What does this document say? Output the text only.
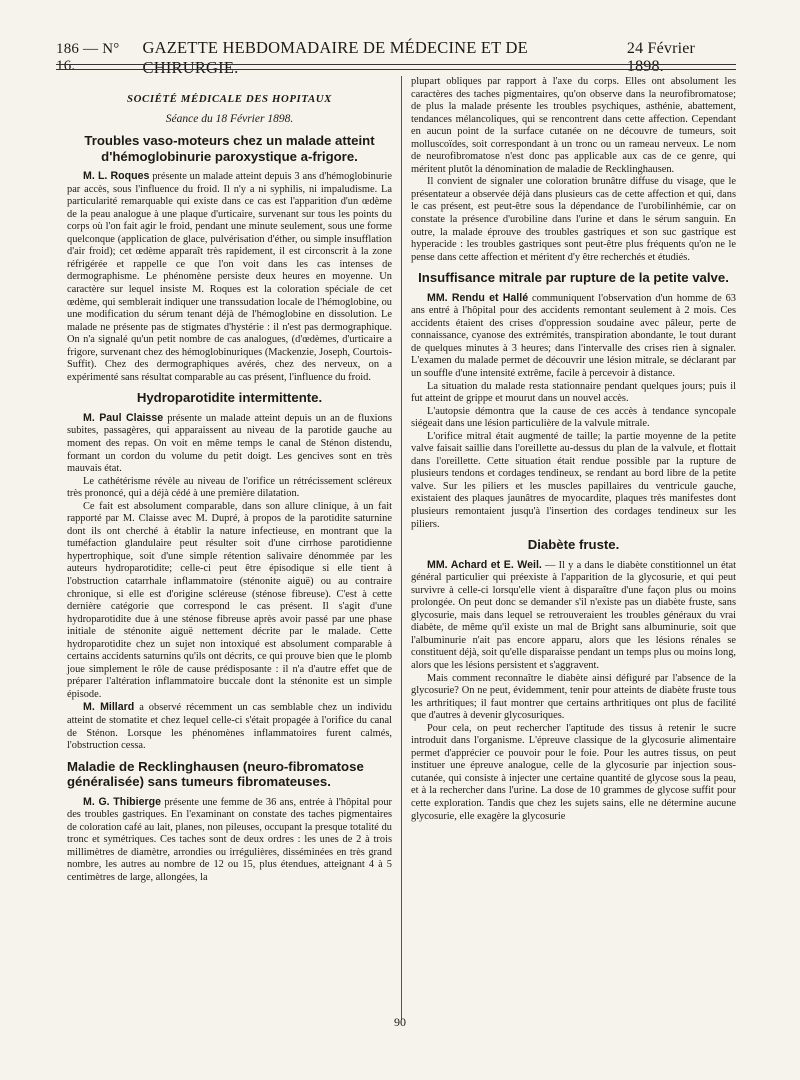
186 — N° 16.
GAZETTE HEBDOMADAIRE DE MÉDECINE ET DE CHIRURGIE.
24 Février 1898.
SOCIÉTÉ MÉDICALE DES HOPITAUX
Séance du 18 Février 1898.
Troubles vaso-moteurs chez un malade atteint d'hémoglobinurie paroxystique a-frigore.

M. L. Roques présente un malade atteint depuis 3 ans d'hémoglobinurie par accès, sous l'influence du froid. Il n'y a ni syphilis, ni impaludisme. La particularité remarquable qui existe dans ce cas est l'apparition d'un œdème de la peau analogue à une plaque d'urticaire, survenant sur tous les points du corps où l'on fait agir le froid, pendant une minute seulement, sous une forme quelconque (application de glace, pulvérisation d'éther, ou simple insufflation d'air froid); cet œdème apparaît très rapidement, il est circonscrit à la zone réfrigérée et rappelle ce que l'on voit dans les cas intenses de dermographisme. Le phénomène persiste deux heures en moyenne. Un caractère sur lequel insiste M. Roques est la coloration spéciale de cet œdème, qui semblerait indiquer une transsudation locale de l'hémoglobine, ou une modification du sérum tenant déjà de l'hémoglobine en dissolution. Le malade ne présente pas de stigmates d'hystérie : il n'est pas dermographique. On n'a signalé qu'un petit nombre de cas analogues, (d'œdèmes, d'urticaire a frigore, survenant chez des hémoglobinuriques (Mackenzie, Joseph, Courtois-Suffit). Chez des dermographiques avérés, chez des nerveux, on a expérimenté sans résultat comparable au cas présent, l'influence du froid.

Hydroparotidite intermittente.

M. Paul Claisse présente un malade atteint depuis un an de fluxions subites, passagères, qui apparaissent au niveau de la parotide gauche au moment des repas. On voit en même temps le canal de Sténon distendu, formant un cordon du volume du petit doigt. Les gencives sont en très mauvais état.

Le cathétérisme révèle au niveau de l'orifice un rétrécissement scléreux très prononcé, qui a déjà cédé à une première dilatation.

Ce fait est absolument comparable, dans son allure clinique, à un fait rapporté par M. Claisse avec M. Dupré, à propos de la parotidite saturnine dont ils ont cherché à établir la nature infectieuse, en montrant que la tuméfaction glandulaire peut résulter soit d'une cirrhose parotidienne hypertrophique, soit d'une simple rétention salivaire dénommée par les auteurs hydroparotidite; celle-ci peut être épisodique si elle tient à l'obstruction catarrhale inflammatoire (sténonite aiguë) ou au contraire chronique, si elle est d'origine scléreuse (sténose fibreuse). C'est à cette dernière catégorie que correspond le cas présent. Il s'agit d'une hydroparotidite due à une sténose fibreuse après avoir passé par une phase initiale de sténonite aiguë nettement décrite par le malade. Cette hydroparotidite chez un sujet non intoxiqué est absolument comparable à certains accidents saturnins qu'ils ont décrits, ce qui prouve bien que le plomb joue simplement le rôle de cause prédisposante : il n'a d'autre effet que de préparer l'altération inflammatoire buccale dont la sténonite est un simple épisode.

M. Millard a observé récemment un cas semblable chez un individu atteint de stomatite et chez lequel celle-ci s'était propagée à l'orifice du canal de Sténon. Lorsque les phénomènes inflammatoires furent calmés, l'obstruction cessa.

Maladie de Recklinghausen (neuro-fibromatose généralisée) sans tumeurs fibromateuses.

M. G. Thibierge présente une femme de 36 ans, entrée à l'hôpital pour des troubles gastriques. En l'examinant on constate des taches pigmentaires de coloration café au lait, planes, non pileuses, occupant la presque totalité du tronc et symétriques. Ces taches sont de deux ordres : les unes de 2 à trois millimètres de diamètre, arrondies ou irrégulières, disséminées en très grand nombre, les autres au nombre de 12 ou 15, plus étendues, atteignant 4 à 5 centimètres de large, allongées, la

plupart obliques par rapport à l'axe du corps. Elles ont absolument les caractères des taches pigmentaires, qu'on observe dans la neurofibromatose; de plus la malade présente les troubles psychiques, asthénie, abattement, tendances mélancoliques, qui se rencontrent dans cette affection. Cependant en aucun point de la surface cutanée on ne découvre de tumeurs, soit molluscoïdes, soit correspondant à un tronc ou un rameau nerveux. Le nom de neurofibromatose n'est donc pas applicable aux cas de ce genre, qui méritent plutôt la dénomination de maladie de Recklinghausen.

Il convient de signaler une coloration brunâtre diffuse du visage, que le présentateur a observée déjà dans plusieurs cas de cette affection et qui, dans le cas présent, est peut-être sous la dépendance de l'urobilinhémie, car on constate la présence d'urobiline dans l'urine et dans le sérum sanguin. En outre, la malade éprouve des troubles gastriques et son suc gastrique est hyperacide : les troubles gastriques sont peut-être plus fréquents qu'on ne le pense dans cette affection et méritent d'y être recherchés et étudiés.

Insuffisance mitrale par rupture de la petite valve.

MM. Rendu et Hallé communiquent l'observation d'un homme de 63 ans entré à l'hôpital pour des accidents remontant seulement à 2 mois. Ces accidents étaient des crises d'oppression soudaine avec pâleur, perte de connaissance, cyanose des extrémités, transpiration abondante, le tout durant de quelques minutes à 3 heures; dans l'intervalle des crises rien à signaler. L'examen du malade permet de découvrir une lésion mitrale, se déclarant par un souffle d'une intensité extrême, facile à percevoir à distance.

La situation du malade resta stationnaire pendant quelques jours; puis il fut atteint de grippe et mourut dans un nouvel accès.

L'autopsie démontra que la cause de ces accès à tendance syncopale siégeait dans une lésion particulière de la valvule mitrale.

L'orifice mitral était augmenté de taille; la partie moyenne de la petite valve faisait saillie dans l'oreillette au-dessus du plan de la valvule, et flottait dans l'oreillette. Cette situation était rendue possible par la rupture de plusieurs tendons et cordages tendineux, se rendant au bord libre de la petite valve. Sur les piliers et les muscles papillaires du ventricule gauche, existaient des plaques jaunâtres de myocardite, plaques très manifestes dont plusieurs remontaient jusqu'à l'insertion des cordages tendineux sur les piliers.

Diabète fruste.

MM. Achard et E. Weil. — Il y a dans le diabète constitionnel un état général particulier qui préexiste à l'apparition de la glycosurie, et qui peut survivre à celle-ci lorsqu'elle vient à disparaître d'une façon plus ou moins prolongée. On peut donc se demander s'il n'existe pas un diabète fruste, sans glycosurie, mais dans lequel se retrouveraient les troubles généraux du vrai diabète, de même qu'il existe un mal de Bright sans albuminurie, soit que l'albuminurie n'ait pas encore apparu, alors que les lésions rénales se constituent déjà, soit qu'elle disparaisse pendant un temps plus ou moins long, alors que les lésions persistent et s'aggravent.

Mais comment reconnaître le diabète ainsi défiguré par l'absence de la glycosurie? On ne peut, évidemment, tenir pour atteints de diabète fruste tous les arthritiques; il faut montrer que certains arthritiques ont plus de facilité que d'autres à devenir glycosuriques.

Pour cela, on peut rechercher l'aptitude des tissus à retenir le sucre introduit dans l'organisme. L'épreuve classique de la glycosurie alimentaire permet d'apprécier ce pouvoir pour le foie. Pour les autres tissus, on peut instituer une épreuve analogue, celle de la glycosurie par injection sous-cutanée, qui consiste à injecter une certaine quantité de glycose sous la peau, et à la rechercher dans l'urine. La dose de 10 grammes de glycose suffit pour cette exploration. Tandis que chez les sujets sains, elle ne détermine aucune glycosurie, elle exagère la glycosurie

90
